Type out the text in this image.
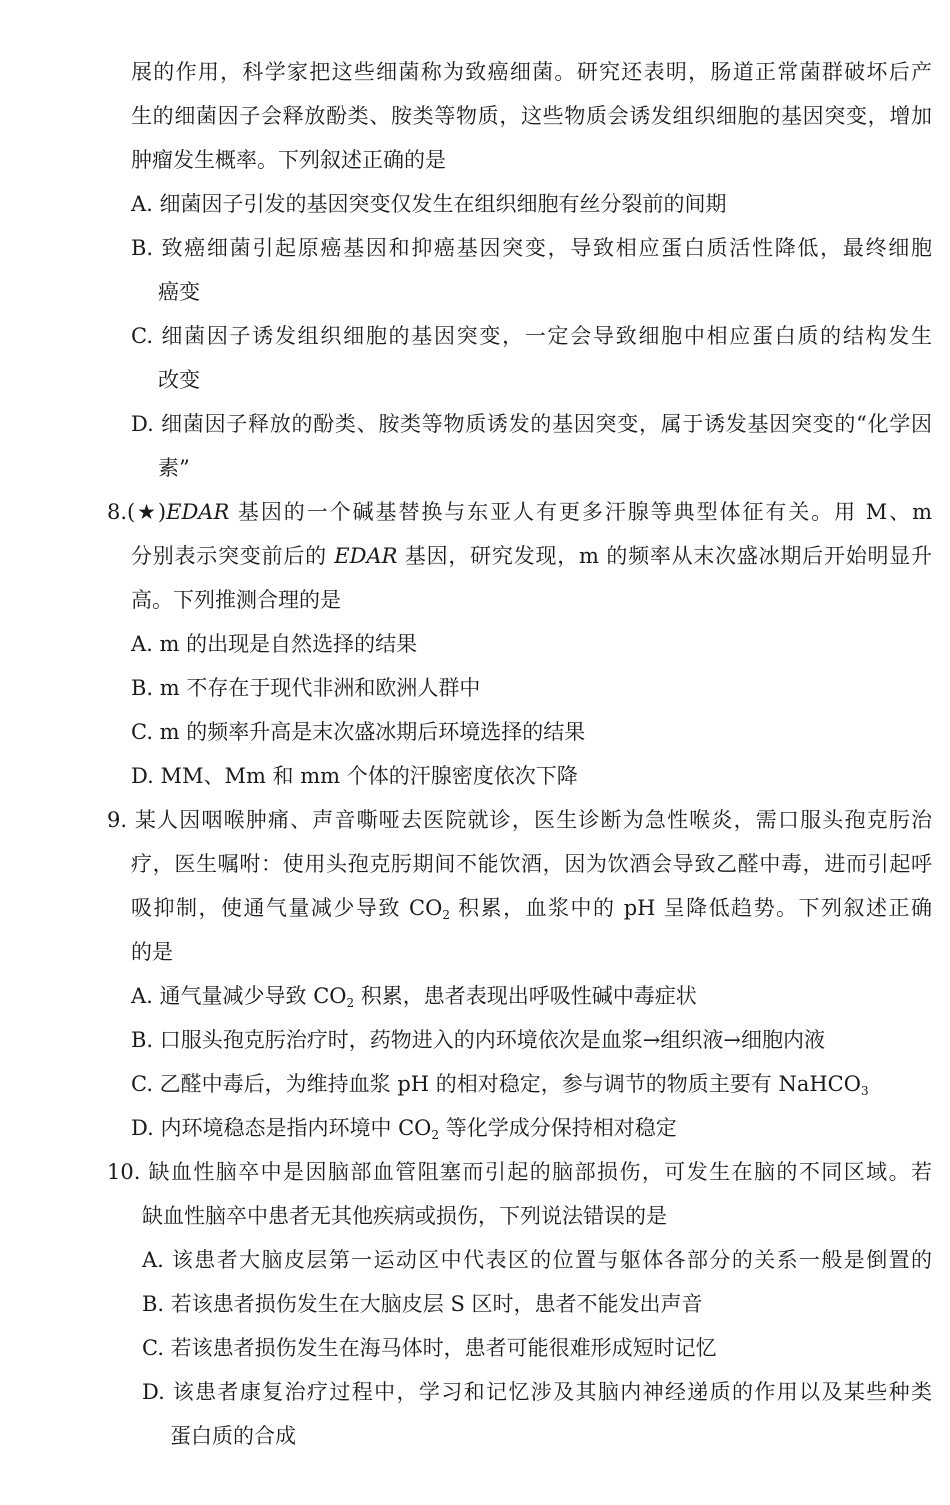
展的作用，科学家把这些细菌称为致癌细菌。研究还表明，肠道正常菌群破坏后产
生的细菌因子会释放酚类、胺类等物质，这些物质会诱发组织细胞的基因突变，增加
肿瘤发生概率。下列叙述正确的是
A. 细菌因子引发的基因突变仅发生在组织细胞有丝分裂前的间期
B. 致癌细菌引起原癌基因和抑癌基因突变，导致相应蛋白质活性降低，最终细胞
癌变
C. 细菌因子诱发组织细胞的基因突变，一定会导致细胞中相应蛋白质的结构发生
改变
D. 细菌因子释放的酚类、胺类等物质诱发的基因突变，属于诱发基因突变的“化学因
素”
8.(★)EDAR 基因的一个碱基替换与东亚人有更多汗腺等典型体征有关。用 M、m
分别表示突变前后的 EDAR 基因，研究发现，m 的频率从末次盛冰期后开始明显升
高。下列推测合理的是
A. m 的出现是自然选择的结果
B. m 不存在于现代非洲和欧洲人群中
C. m 的频率升高是末次盛冰期后环境选择的结果
D. MM、Mm 和 mm 个体的汗腺密度依次下降
9. 某人因咽喉肿痛、声音嘶哑去医院就诊，医生诊断为急性喉炎，需口服头孢克肟治
疗，医生嘱咐：使用头孢克肟期间不能饮酒，因为饮酒会导致乙醛中毒，进而引起呼
吸抑制，使通气量减少导致 $CO_2$ 积累，血浆中的 pH 呈降低趋势。下列叙述正确
的是
A. 通气量减少导致 $CO_2$ 积累，患者表现出呼吸性碱中毒症状
B. 口服头孢克肟治疗时，药物进入的内环境依次是血浆→组织液→细胞内液
C. 乙醛中毒后，为维持血浆 pH 的相对稳定，参与调节的物质主要有 NaHCO$_3$
D. 内环境稳态是指内环境中 $CO_2$ 等化学成分保持相对稳定
10. 缺血性脑卒中是因脑部血管阻塞而引起的脑部损伤，可发生在脑的不同区域。若
缺血性脑卒中患者无其他疾病或损伤，下列说法错误的是
A. 该患者大脑皮层第一运动区中代表区的位置与躯体各部分的关系一般是倒置的
B. 若该患者损伤发生在大脑皮层 S 区时，患者不能发出声音
C. 若该患者损伤发生在海马体时，患者可能很难形成短时记忆
D. 该患者康复治疗过程中，学习和记忆涉及其脑内神经递质的作用以及某些种类
蛋白质的合成
